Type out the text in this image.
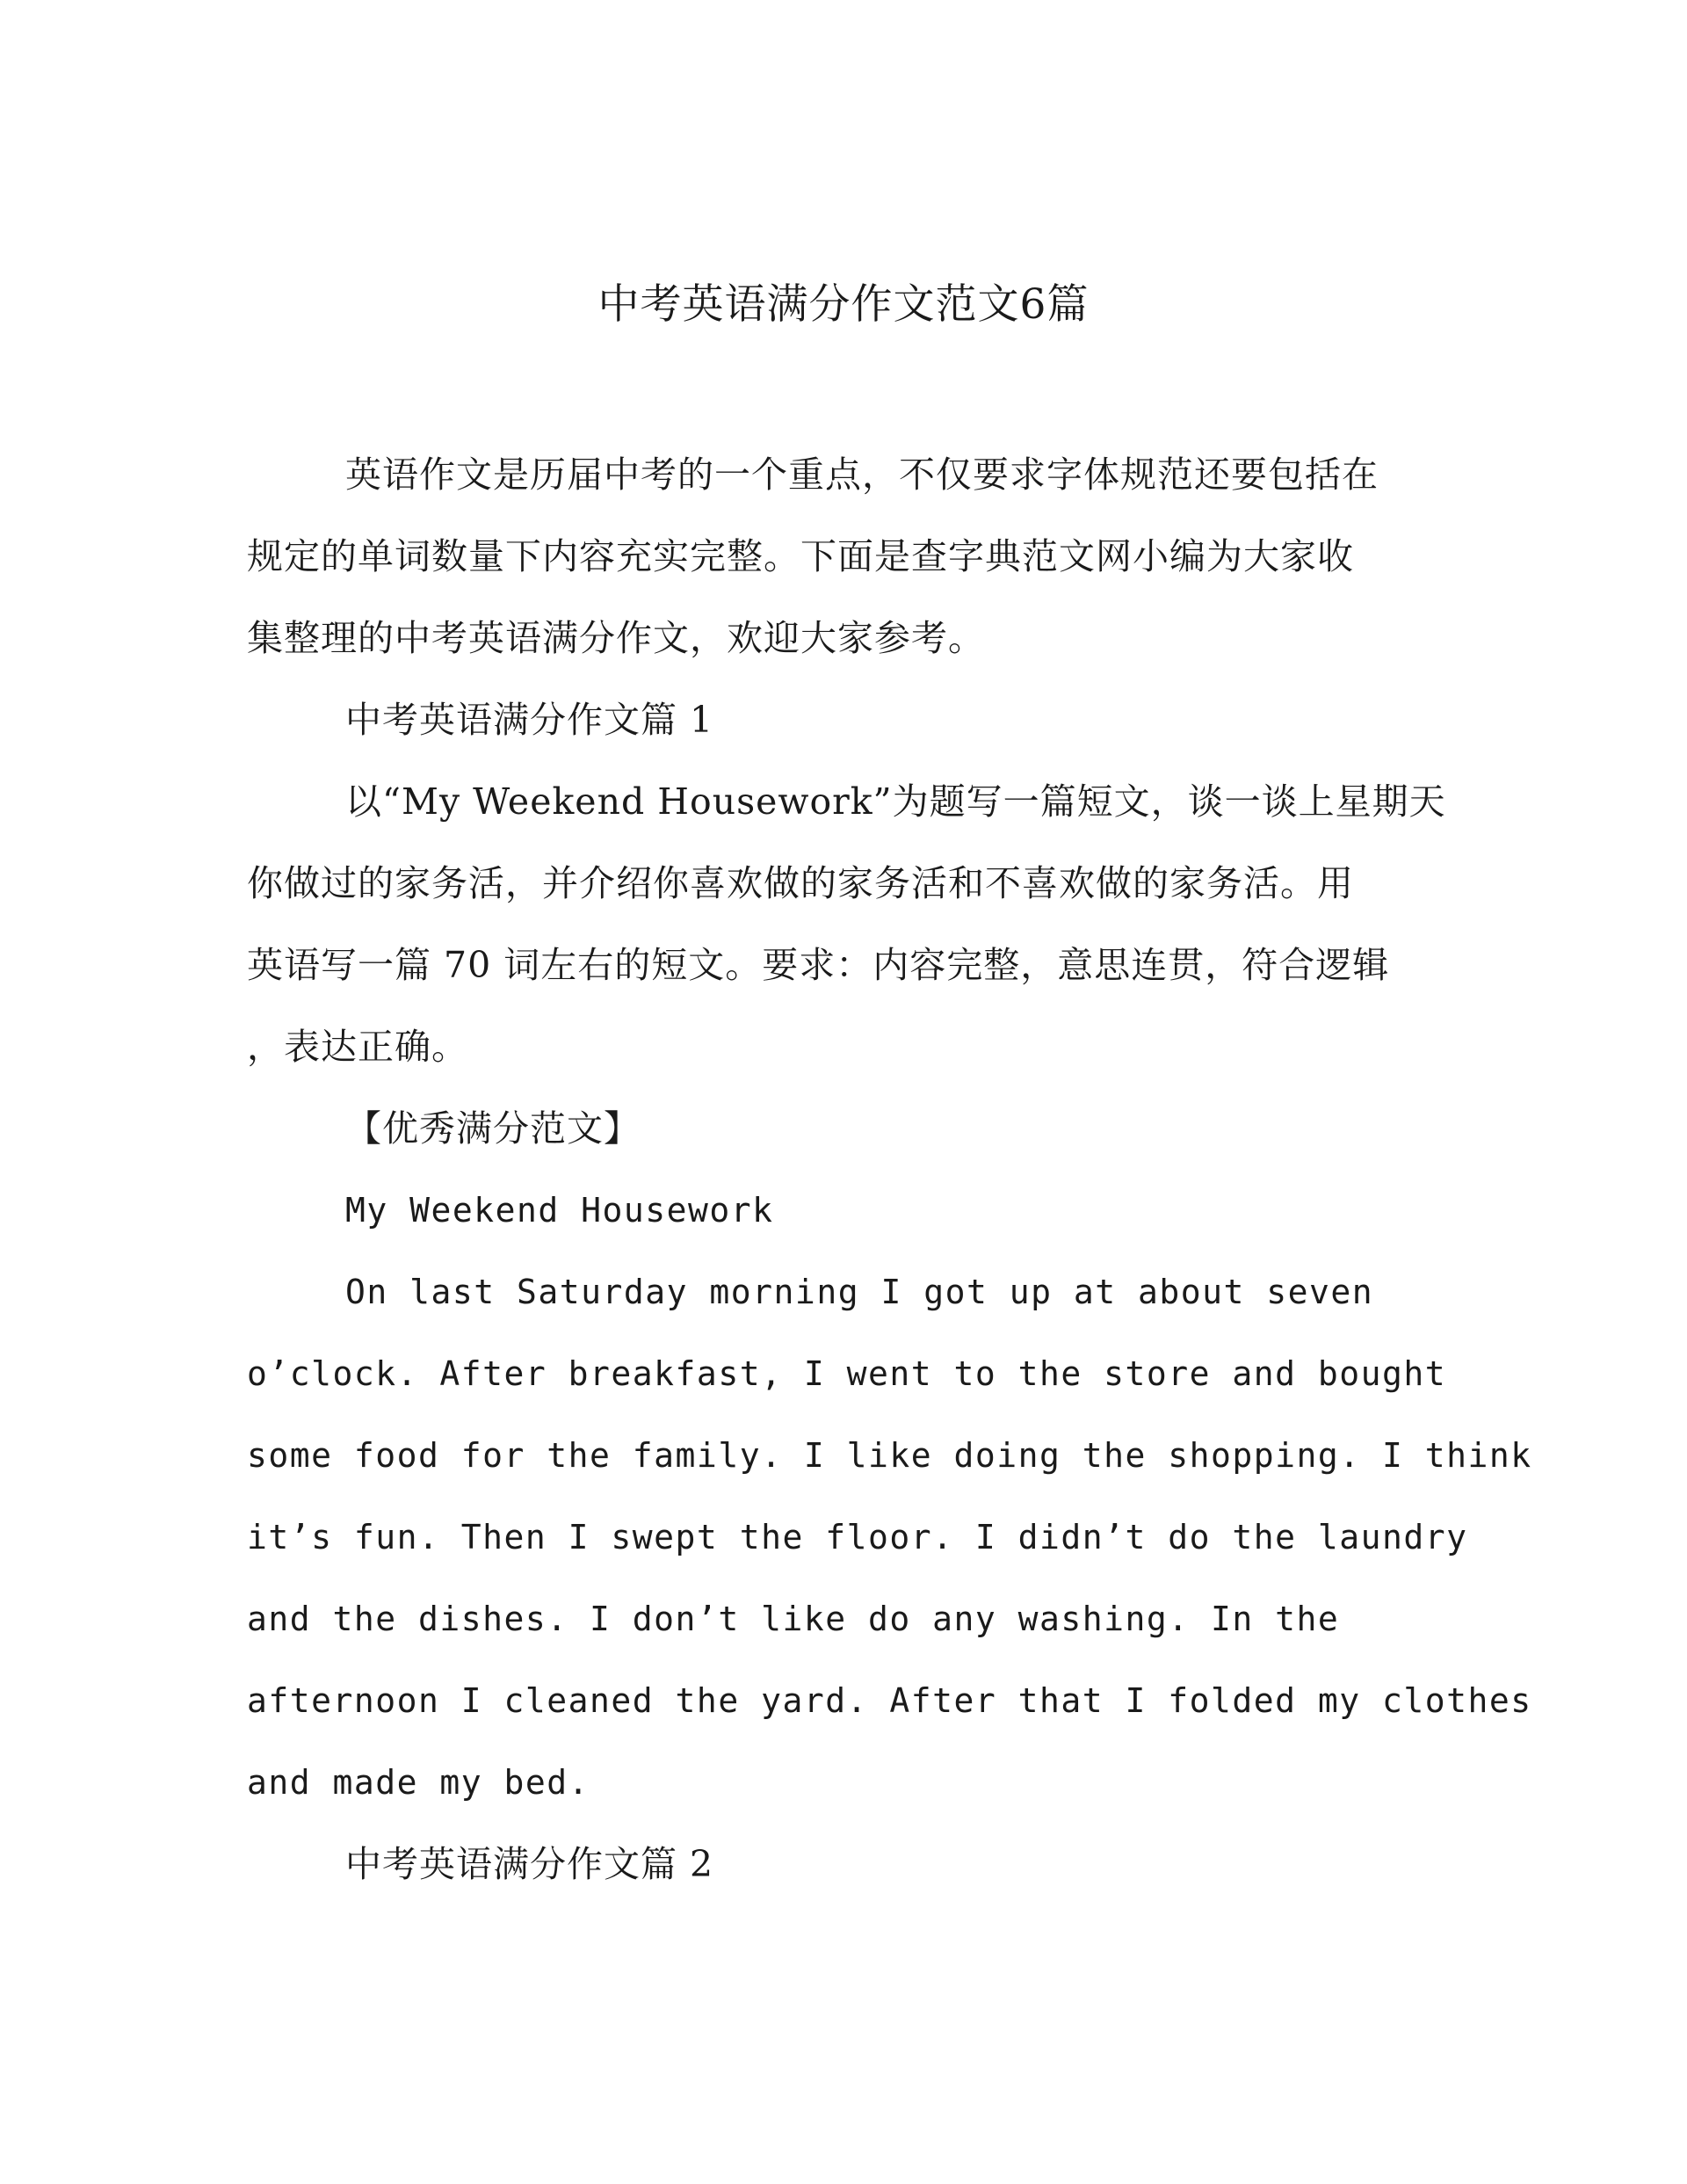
中考英语满分作文范文6篇

英语作文是历届中考的一个重点，不仅要求字体规范还要包括在
规定的单词数量下内容充实完整。下面是查字典范文网小编为大家收
集整理的中考英语满分作文，欢迎大家参考。

中考英语满分作文篇 1

以“My Weekend Housework”为题写一篇短文，谈一谈上星期天
你做过的家务活，并介绍你喜欢做的家务活和不喜欢做的家务活。用
英语写一篇 70 词左右的短文。要求：内容完整，意思连贯，符合逻辑
，表达正确。

【优秀满分范文】

My Weekend Housework

On last Saturday morning I got up at about seven
o’clock. After breakfast, I went to the store and bought
some food for the family. I like doing the shopping. I think
it’s fun. Then I swept the floor. I didn’t do the laundry
and the dishes. I don’t like do any washing. In the
afternoon I cleaned the yard. After that I folded my clothes
and made my bed.

中考英语满分作文篇 2
